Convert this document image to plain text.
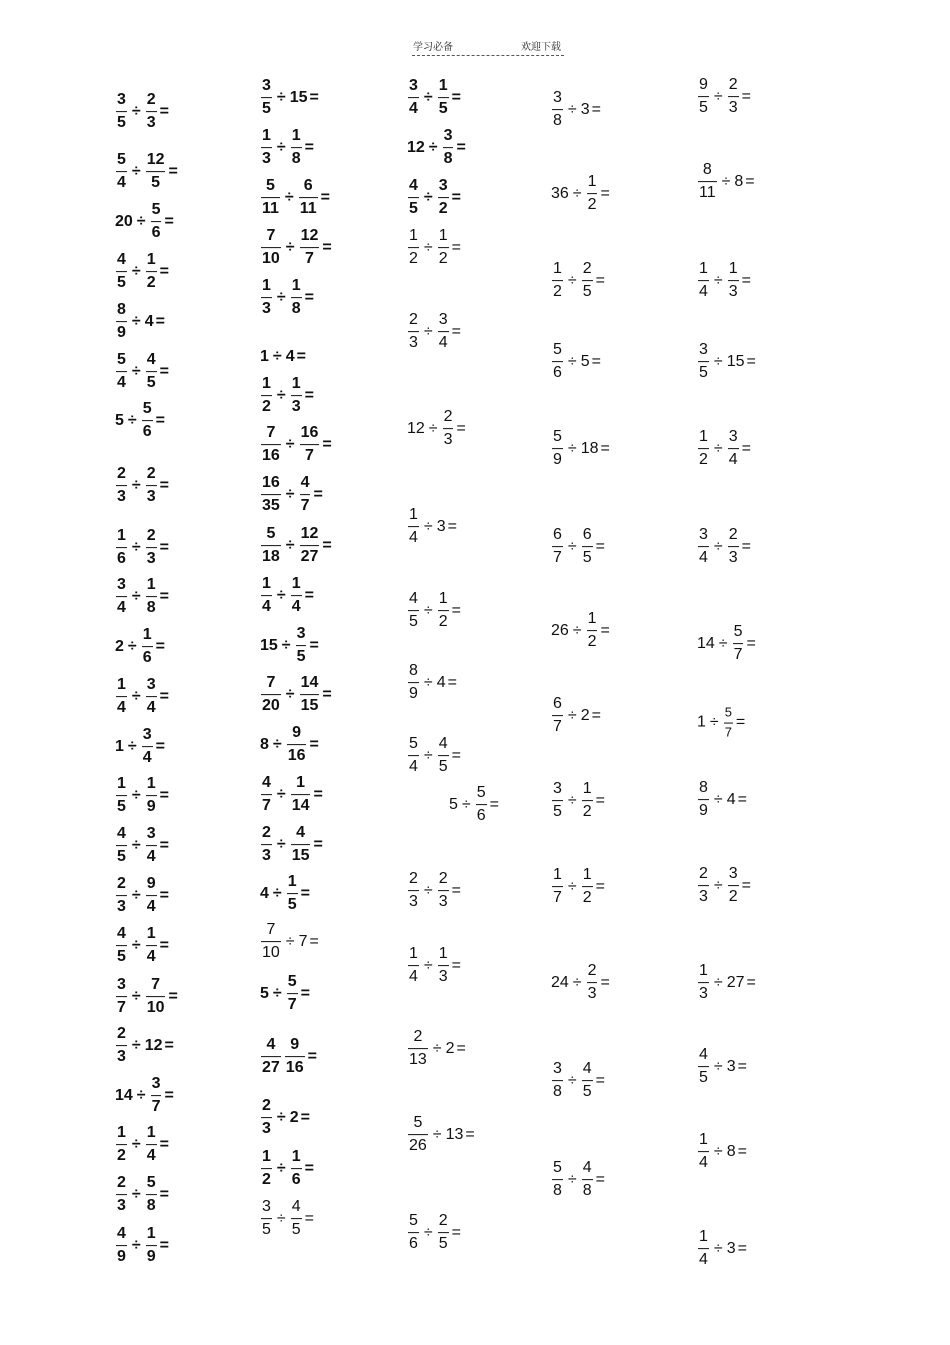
学习必备	欢迎下载
$\frac{3}{5} \div \frac{2}{3}$ =
$\frac{5}{4} \div \frac{12}{5}$ =
$20 \div \frac{5}{6}$ =
$\frac{4}{5} \div \frac{1}{2}$ =
$\frac{8}{9} \div 4$ =
$\frac{5}{4} \div \frac{4}{5}$ =
$5 \div \frac{5}{6}$ =
$\frac{2}{3} \div \frac{2}{3}$ =
$\frac{1}{6} \div \frac{2}{3}$ =
$\frac{3}{4} \div \frac{1}{8}$ =
$2 \div \frac{1}{6}$ =
$\frac{1}{4} \div \frac{3}{4}$ =
$1 \div \frac{3}{4}$ =
$\frac{1}{5} \div \frac{1}{9}$ =
$\frac{4}{5} \div \frac{3}{4}$ =
$\frac{2}{3} \div \frac{9}{4}$ =
$\frac{4}{5} \div \frac{1}{4}$ =
$\frac{3}{7} \div \frac{7}{10}$ =
$\frac{2}{3} \div 12$ =
$14 \div \frac{3}{7}$ =
$\frac{1}{2} \div \frac{1}{4}$ =
$\frac{2}{3} \div \frac{5}{8}$ =
$\frac{4}{9} \div \frac{1}{9}$ =
$\frac{3}{5} \div 15$ =
$\frac{1}{3} \div \frac{1}{8}$ =
$\frac{5}{11} \div \frac{6}{11}$ =
$\frac{7}{10} \div \frac{12}{7}$ =
$\frac{1}{3} \div \frac{1}{8}$ =
1 ÷ 4 =
$\frac{1}{2} \div \frac{1}{3}$ =
$\frac{7}{16} \div \frac{16}{7}$ =
$\frac{16}{35} \div \frac{4}{7}$ =
$\frac{5}{18} \div \frac{12}{27}$ =
$\frac{1}{4} \div \frac{1}{4}$ =
$15 \div \frac{3}{5}$ =
$\frac{7}{20} \div \frac{14}{15}$ =
$8 \div \frac{9}{16}$ =
$\frac{4}{7} \div \frac{1}{14}$ =
$\frac{2}{3} \div \frac{4}{15}$ =
$4 \div \frac{1}{5}$ =
$\frac{7}{10} \div 7$ =
$5 \div \frac{5}{7}$ =
$\frac{4}{27} \frac{9}{16}$ =
$\frac{2}{3} \div 2$ =
$\frac{1}{2} \div \frac{1}{6}$ =
$\frac{3}{5} \div \frac{4}{5}$ =
$\frac{3}{4} \div \frac{1}{5}$ =
$12 \div \frac{3}{8}$ =
$\frac{4}{5} \div \frac{3}{2}$ =
$\frac{1}{2} \div \frac{1}{2}$ =
$\frac{2}{3} \div \frac{3}{4}$ =
$12 \div \frac{2}{3}$ =
$\frac{1}{4} \div 3$ =
$\frac{4}{5} \div \frac{1}{2}$ =
$\frac{8}{9} \div 4$ =
$\frac{5}{4} \div \frac{4}{5}$ =
$5 \div \frac{5}{6}$ =
$\frac{2}{3} \div \frac{2}{3}$ =
$\frac{1}{4} \div \frac{1}{3}$ =
$\frac{2}{13} \div 2$ =
$\frac{5}{26} \div 13$ =
$\frac{5}{6} \div \frac{2}{5}$ =
$\frac{3}{8} \div 3$ =
$36 \div \frac{1}{2}$ =
$\frac{1}{2} \div \frac{2}{5}$ =
$\frac{5}{6} \div 5$ =
$\frac{5}{9} \div 18$ =
$\frac{6}{7} \div \frac{6}{5}$ =
$26 \div \frac{1}{2}$ =
$\frac{6}{7} \div 2$ =
$\frac{3}{5} \div \frac{1}{2}$ =
$\frac{1}{7} \div \frac{1}{2}$ =
$24 \div \frac{2}{3}$ =
$\frac{3}{8} \div \frac{4}{5}$ =
$\frac{5}{8} \div \frac{4}{8}$ =
$\frac{9}{5} \div \frac{2}{3}$ =
$\frac{8}{11} \div 8$ =
$\frac{1}{4} \div \frac{1}{3}$ =
$\frac{3}{5} \div 15$ =
$\frac{1}{2} \div \frac{3}{4}$ =
$\frac{3}{4} \div \frac{2}{3}$ =
$14 \div \frac{5}{7}$ =
$1 \div \frac{5}{7}$ =
$\frac{8}{9} \div 4$ =
$\frac{2}{3} \div \frac{3}{2}$ =
$\frac{1}{3} \div 27$ =
$\frac{4}{5} \div 3$ =
$\frac{1}{4} \div 8$ =
$\frac{1}{4} \div 3$ =
